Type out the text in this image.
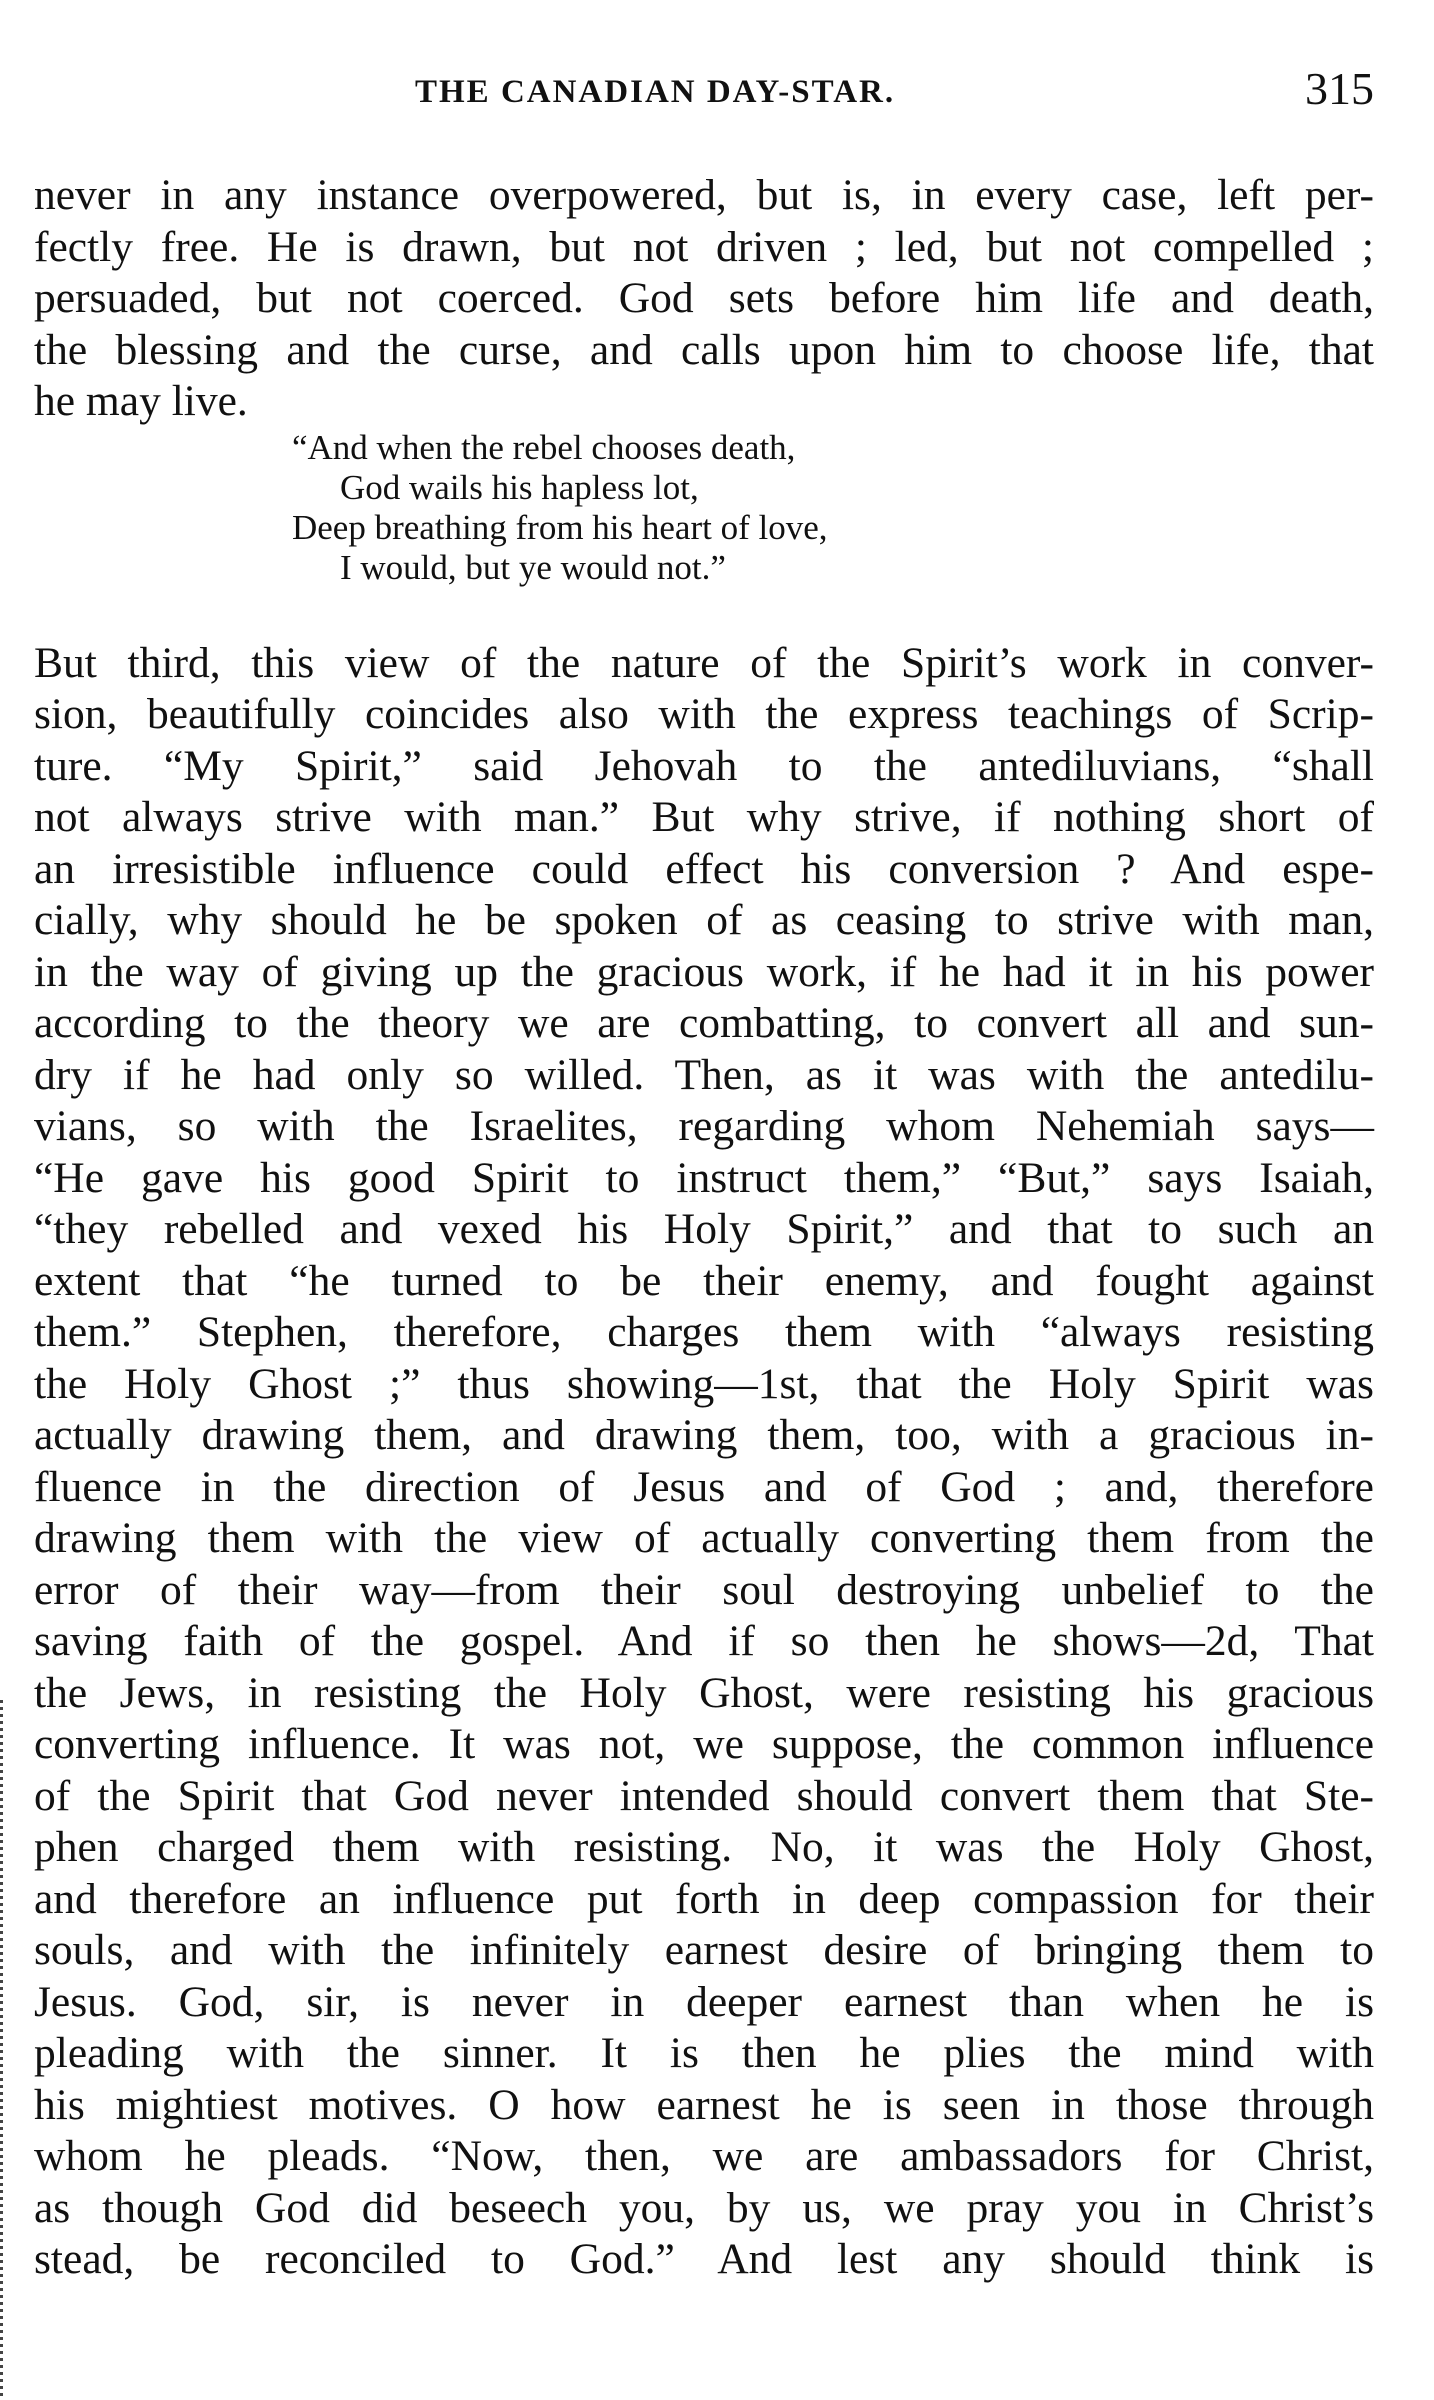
THE CANADIAN DAY-STAR.	315
never in any instance overpowered, but is, in every case, left per-
fectly free. He is drawn, but not driven ; led, but not compelled ;
persuaded, but not coerced. God sets before him life and death,
the blessing and the curse, and calls upon him to choose life, that
he may live.
“And when the rebel chooses death,
God wails his hapless lot,
Deep breathing from his heart of love,
I would, but ye would not.”
But third, this view of the nature of the Spirit’s work in conver-
sion, beautifully coincides also with the express teachings of Scrip-
ture. “My Spirit,” said Jehovah to the antediluvians, “shall
not always strive with man.” But why strive, if nothing short of
an irresistible influence could effect his conversion ? And espe-
cially, why should he be spoken of as ceasing to strive with man,
in the way of giving up the gracious work, if he had it in his power
according to the theory we are combatting, to convert all and sun-
dry if he had only so willed. Then, as it was with the antedilu-
vians, so with the Israelites, regarding whom Nehemiah says—
“He gave his good Spirit to instruct them,” “But,” says Isaiah,
“they rebelled and vexed his Holy Spirit,” and that to such an
extent that “he turned to be their enemy, and fought against
them.” Stephen, therefore, charges them with “always resisting
the Holy Ghost ;” thus showing—1st, that the Holy Spirit was
actually drawing them, and drawing them, too, with a gracious in-
fluence in the direction of Jesus and of God ; and, therefore
drawing them with the view of actually converting them from the
error of their way—from their soul destroying unbelief to the
saving faith of the gospel. And if so then he shows—2d, That
the Jews, in resisting the Holy Ghost, were resisting his gracious
converting influence. It was not, we suppose, the common influence
of the Spirit that God never intended should convert them that Ste-
phen charged them with resisting. No, it was the Holy Ghost,
and therefore an influence put forth in deep compassion for their
souls, and with the infinitely earnest desire of bringing them to
Jesus. God, sir, is never in deeper earnest than when he is
pleading with the sinner. It is then he plies the mind with
his mightiest motives. O how earnest he is seen in those through
whom he pleads. “Now, then, we are ambassadors for Christ,
as though God did beseech you, by us, we pray you in Christ’s
stead, be reconciled to God.” And lest any should think is
